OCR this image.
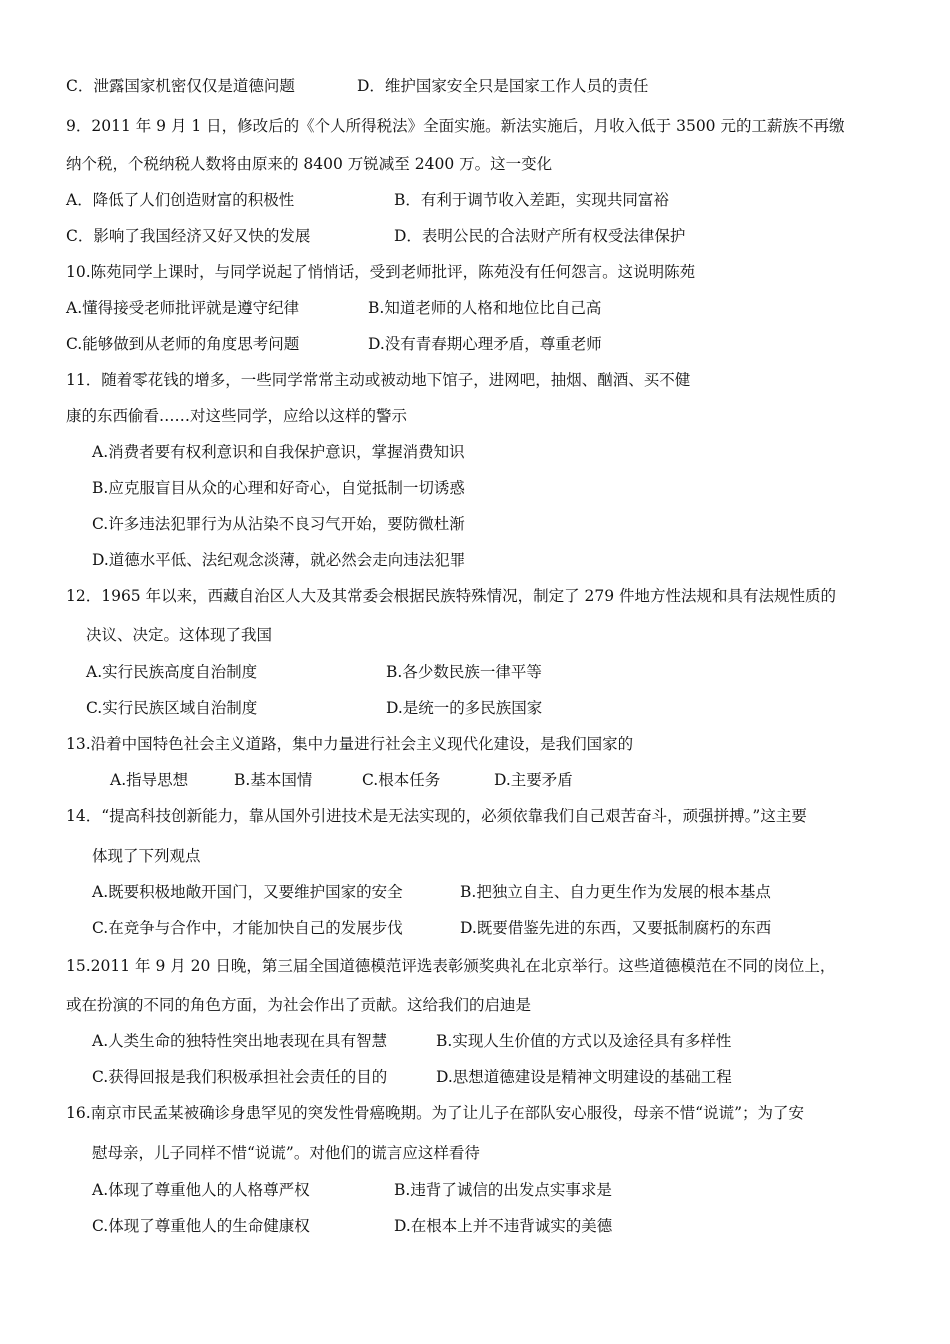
C．泄露国家机密仅仅是道德问题	D．维护国家安全只是国家工作人员的责任
9．2011 年 9 月 1 日，修改后的《个人所得税法》全面实施。新法实施后，月收入低于 3500 元的工薪族不再缴
纳个税，个税纳税人数将由原来的 8400 万锐减至 2400 万。这一变化
A．降低了人们创造财富的积极性	B．有利于调节收入差距，实现共同富裕
C．影响了我国经济又好又快的发展	D．表明公民的合法财产所有权受法律保护
10.陈苑同学上课时，与同学说起了悄悄话，受到老师批评，陈苑没有任何怨言。这说明陈苑
A.懂得接受老师批评就是遵守纪律	B.知道老师的人格和地位比自己高
C.能够做到从老师的角度思考问题	D.没有青春期心理矛盾，尊重老师
11．随着零花钱的增多，一些同学常常主动或被动地下馆子，进网吧，抽烟、酗酒、买不健
康的东西偷看……对这些同学，应给以这样的警示
A.消费者要有权利意识和自我保护意识，掌握消费知识
B.应克服盲目从众的心理和好奇心，自觉抵制一切诱惑
C.许多违法犯罪行为从沾染不良习气开始，要防微杜渐
D.道德水平低、法纪观念淡薄，就必然会走向违法犯罪
12．1965 年以来，西藏自治区人大及其常委会根据民族特殊情况，制定了 279 件地方性法规和具有法规性质的
决议、决定。这体现了我国
A.实行民族高度自治制度	B.各少数民族一律平等
C.实行民族区域自治制度	D.是统一的多民族国家
13.沿着中国特色社会主义道路，集中力量进行社会主义现代化建设，是我们国家的
A.指导思想	B.基本国情	C.根本任务	D.主要矛盾
14．“提高科技创新能力，靠从国外引进技术是无法实现的，必须依靠我们自己艰苦奋斗，顽强拼搏。”这主要
体现了下列观点
A.既要积极地敞开国门，又要维护国家的安全	B.把独立自主、自力更生作为发展的根本基点
C.在竞争与合作中，才能加快自己的发展步伐	D.既要借鉴先进的东西，又要抵制腐朽的东西
15.2011 年 9 月 20 日晚，第三届全国道德模范评选表彰颁奖典礼在北京举行。这些道德模范在不同的岗位上，
或在扮演的不同的角色方面，为社会作出了贡献。这给我们的启迪是
A.人类生命的独特性突出地表现在具有智慧	B.实现人生价值的方式以及途径具有多样性
C.获得回报是我们积极承担社会责任的目的	D.思想道德建设是精神文明建设的基础工程
16.南京市民孟某被确诊身患罕见的突发性骨癌晚期。为了让儿子在部队安心服役，母亲不惜“说谎”；为了安
慰母亲，儿子同样不惜“说谎”。对他们的谎言应这样看待
A.体现了尊重他人的人格尊严权	B.违背了诚信的出发点实事求是
C.体现了尊重他人的生命健康权	D.在根本上并不违背诚实的美德
